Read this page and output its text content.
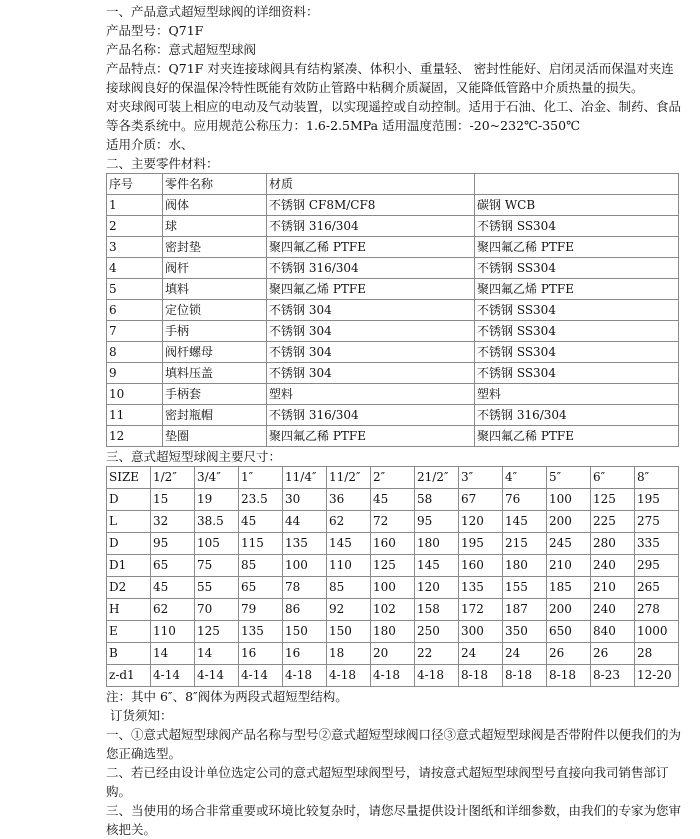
一、产品意式超短型球阀的详细资料：
产品型号：Q71F
产品名称：意式超短型球阀
产品特点：Q71F 对夹连接球阀具有结构紧凑、体积小、重量轻、 密封性能好、启闭灵活而保温对夹连接球阀良好的保温保冷特性既能有效防止管路中粘稠介质凝固，又能降低管路中介质热量的损失。
对夹球阀可装上相应的电动及气动装置，以实现遥控或自动控制。适用于石油、化工、冶金、制药、食品等各类系统中。应用规范公称压力：1.6-2.5MPa 适用温度范围：-20~232℃-350℃
适用介质：水、
二、主要零件材料：
序号	零件名称	材质	
1	阀体	不锈钢 CF8M/CF8	碳钢 WCB
2	球	不锈钢 316/304	不锈钢 SS304
3	密封垫	聚四氟乙稀 PTFE	聚四氟乙稀 PTFE
4	阀杆	不锈钢 316/304	不锈钢 SS304
5	填料	聚四氟乙烯 PTFE	聚四氟乙烯 PTFE
6	定位锁	不锈钢 304	不锈钢 SS304
7	手柄	不锈钢 304	不锈钢 SS304
8	阀杆螺母	不锈钢 304	不锈钢 SS304
9	填料压盖	不锈钢 304	不锈钢 SS304
10	手柄套	塑料	塑料
11	密封瓶帽	不锈钢 316/304	不锈钢 316/304
12	垫圈	聚四氟乙稀 PTFE	聚四氟乙稀 PTFE
三、意式超短型球阀主要尺寸：
SIZE	1/2″	3/4″	1″	11/4″	11/2″	2″	21/2″	3″	4″	5″	6″	8″
D	15	19	23.5	30	36	45	58	67	76	100	125	195
L	32	38.5	45	44	62	72	95	120	145	200	225	275
D	95	105	115	135	145	160	180	195	215	245	280	335
D1	65	75	85	100	110	125	145	160	180	210	240	295
D2	45	55	65	78	85	100	120	135	155	185	210	265
H	62	70	79	86	92	102	158	172	187	200	240	278
E	110	125	135	150	150	180	250	300	350	650	840	1000
B	14	14	16	16	18	20	22	24	24	26	26	28
z-d1	4-14	4-14	4-14	4-18	4-18	4-18	4-18	8-18	8-18	8-18	8-23	12-20
注：其中 6″、8″阀体为两段式超短型结构。
订货须知：
一、①意式超短型球阀产品名称与型号②意式超短型球阀口径③意式超短型球阀是否带附件以便我们的为您正确选型。
二、若已经由设计单位选定公司的意式超短型球阀型号，请按意式超短型球阀型号直接向我司销售部订购。
三、当使用的场合非常重要或环境比较复杂时，请您尽量提供设计图纸和详细参数，由我们的专家为您审核把关。
